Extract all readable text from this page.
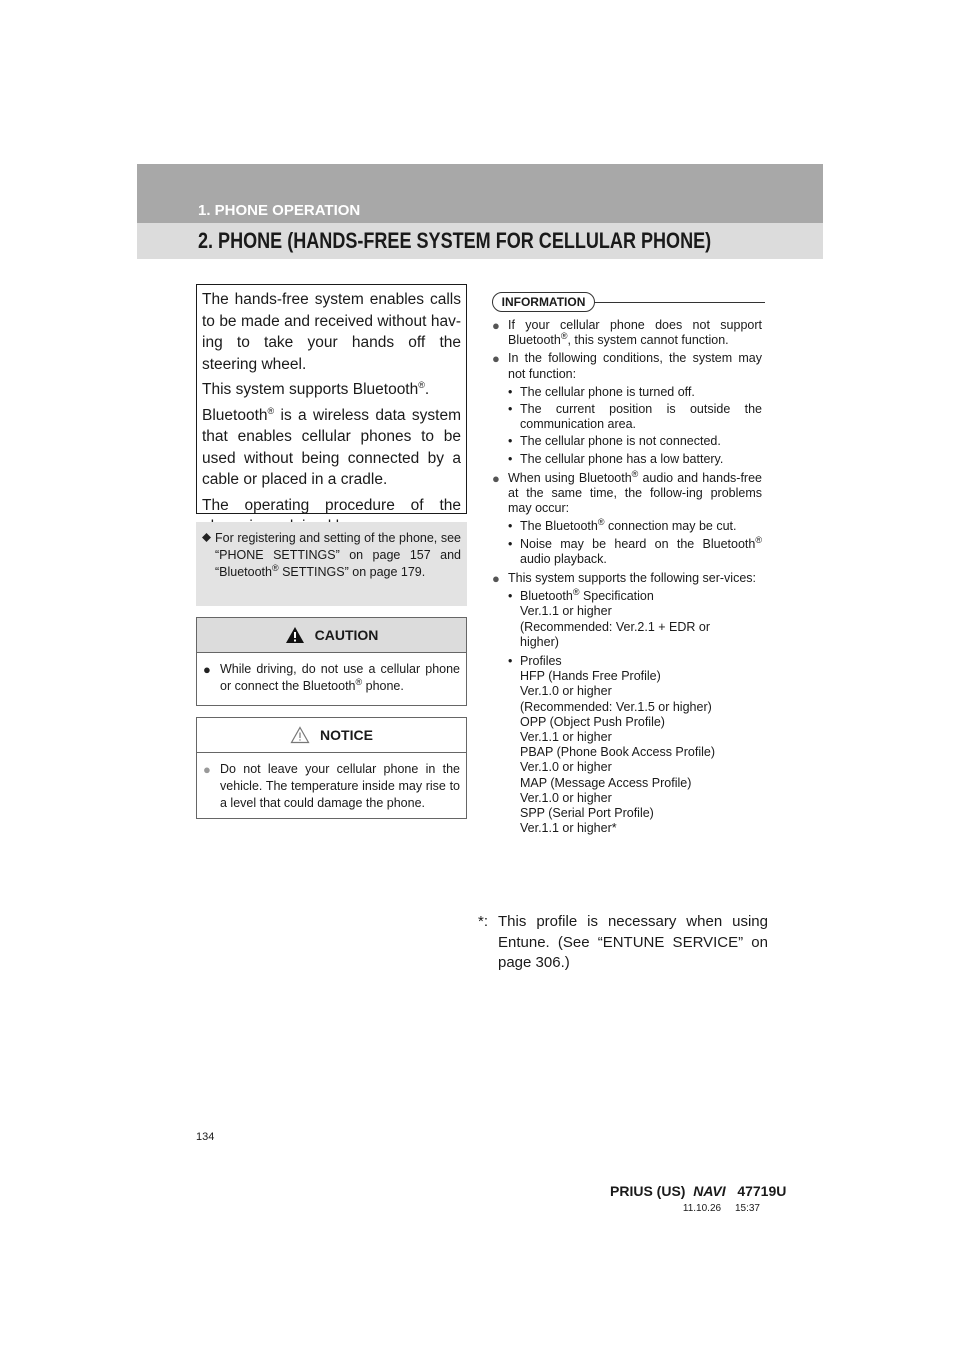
1. PHONE OPERATION
2. PHONE (HANDS-FREE SYSTEM FOR CELLULAR PHONE)

The hands-free system enables calls to be made and received without hav-ing to take your hands off the steering wheel.

This system supports Bluetooth®.

Bluetooth® is a wireless data system that enables cellular phones to be used without being connected by a cable or placed in a cradle.

The operating procedure of the

For registering and setting of the phone, see “PHONE SETTINGS” on page 157 and “Bluetooth® SETTINGS” on page 179.
CAUTION
● While driving, do not use a cellular phone or connect the Bluetooth® phone.
NOTICE
● Do not leave your cellular phone in the vehicle. The temperature inside may rise to a level that could damage the phone.
INFORMATION
● If your cellular phone does not support Bluetooth®, this system cannot function.
● In the following conditions, the system may not function:
• The cellular phone is turned off.
• The current position is outside the communication area.
• The cellular phone is not connected.
• The cellular phone has a low battery.
● When using Bluetooth® audio and hands-free at the same time, the follow-ing problems may occur:
• The Bluetooth® connection may be cut.
• Noise may be heard on the Bluetooth® audio playback.
● This system supports the following ser-vices:
• Bluetooth® Specification
Ver.1.1 or higher
(Recommended: Ver.2.1 + EDR or higher)
• Profiles
HFP (Hands Free Profile)
Ver.1.0 or higher
(Recommended: Ver.1.5 or higher)
OPP (Object Push Profile)
Ver.1.1 or higher
PBAP (Phone Book Access Profile)
Ver.1.0 or higher
MAP (Message Access Profile)
Ver.1.0 or higher
SPP (Serial Port Profile)
Ver.1.1 or higher*
*: This profile is necessary when using Entune. (See “ENTUNE SERVICE” on page 306.)
134
PRIUS (US) NAVI 47719U
11.10.26     15:37
